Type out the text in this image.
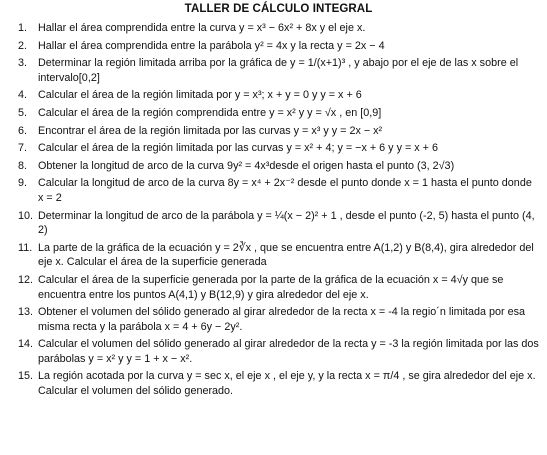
TALLER DE CÁLCULO INTEGRAL
1. Hallar el área comprendida entre la curva y = x³ − 6x² + 8x y el eje x.
2. Hallar el área comprendida entre la parábola y² = 4x y la recta y = 2x − 4
3. Determinar la región limitada arriba por la gráfica de y = 1/(x+1)³ , y abajo por el eje de las x sobre el intervalo[0,2]
4. Calcular el área de la región limitada por y = x³; x + y = 0 y y = x + 6
5. Calcular el área de la región comprendida entre y = x² y y = √x , en [0,9]
6. Encontrar el área de la región limitada por las curvas y = x³ y y = 2x − x²
7. Calcular el área de la región limitada por las curvas y = x² + 4; y = −x + 6 y y = x + 6
8. Obtener la longitud de arco de la curva 9y² = 4x³desde el origen hasta el punto (3, 2√3)
9. Calcular la longitud de arco de la curva 8y = x⁴ + 2x⁻² desde el punto donde x = 1 hasta el punto donde x = 2
10. Determinar la longitud de arco de la parábola y = ¼(x − 2)² + 1 , desde el punto (-2, 5) hasta el punto (4, 2)
11. La parte de la gráfica de la ecuación y = 2∛x , que se encuentra entre A(1,2) y B(8,4), gira alrededor del eje x. Calcular el área de la superficie generada
12. Calcular el área de la superficie generada por la parte de la gráfica de la ecuación x = 4√y que se encuentra entre los puntos A(4,1) y B(12,9) y gira alrededor del eje x.
13. Obtener el volumen del sólido generado al girar alrededor de la recta x = -4 la regio´n limitada por esa misma recta y la parábola x = 4 + 6y − 2y².
14. Calcular el volumen del sólido generado al girar alrededor de la recta y = -3 la región limitada por las dos parábolas y = x² y y = 1 + x − x².
15. La región acotada por la curva y = sec x, el eje x , el eje y, y la recta x = π/4 , se gira alrededor del eje x. Calcular el volumen del sólido generado.
